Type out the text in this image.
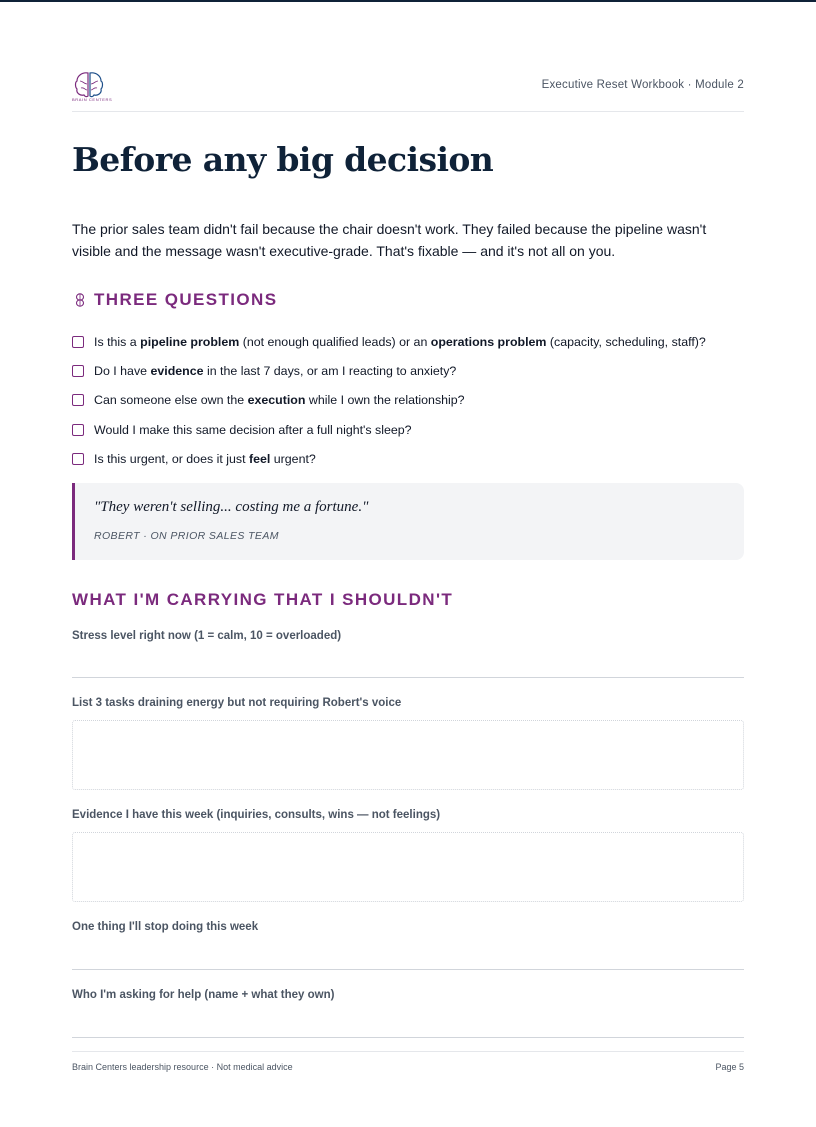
BRAIN CENTERS
Executive Reset Workbook · Module 2
Before any big decision

The prior sales team didn't fail because the chair doesn't work. They failed because the pipeline wasn't visible and the message wasn't executive-grade. That's fixable — and it's not all on you.

THREE QUESTIONS
Is this a pipeline problem (not enough qualified leads) or an operations problem (capacity, scheduling, staff)?
Do I have evidence in the last 7 days, or am I reacting to anxiety?
Can someone else own the execution while I own the relationship?
Would I make this same decision after a full night's sleep?
Is this urgent, or does it just feel urgent?
"They weren't selling... costing me a fortune."
ROBERT · ON PRIOR SALES TEAM
WHAT I'M CARRYING THAT I SHOULDN'T
Stress level right now (1 = calm, 10 = overloaded)
List 3 tasks draining energy but not requiring Robert's voice
Evidence I have this week (inquiries, consults, wins — not feelings)
One thing I'll stop doing this week
Who I'm asking for help (name + what they own)
Brain Centers leadership resource · Not medical advice	Page 5
